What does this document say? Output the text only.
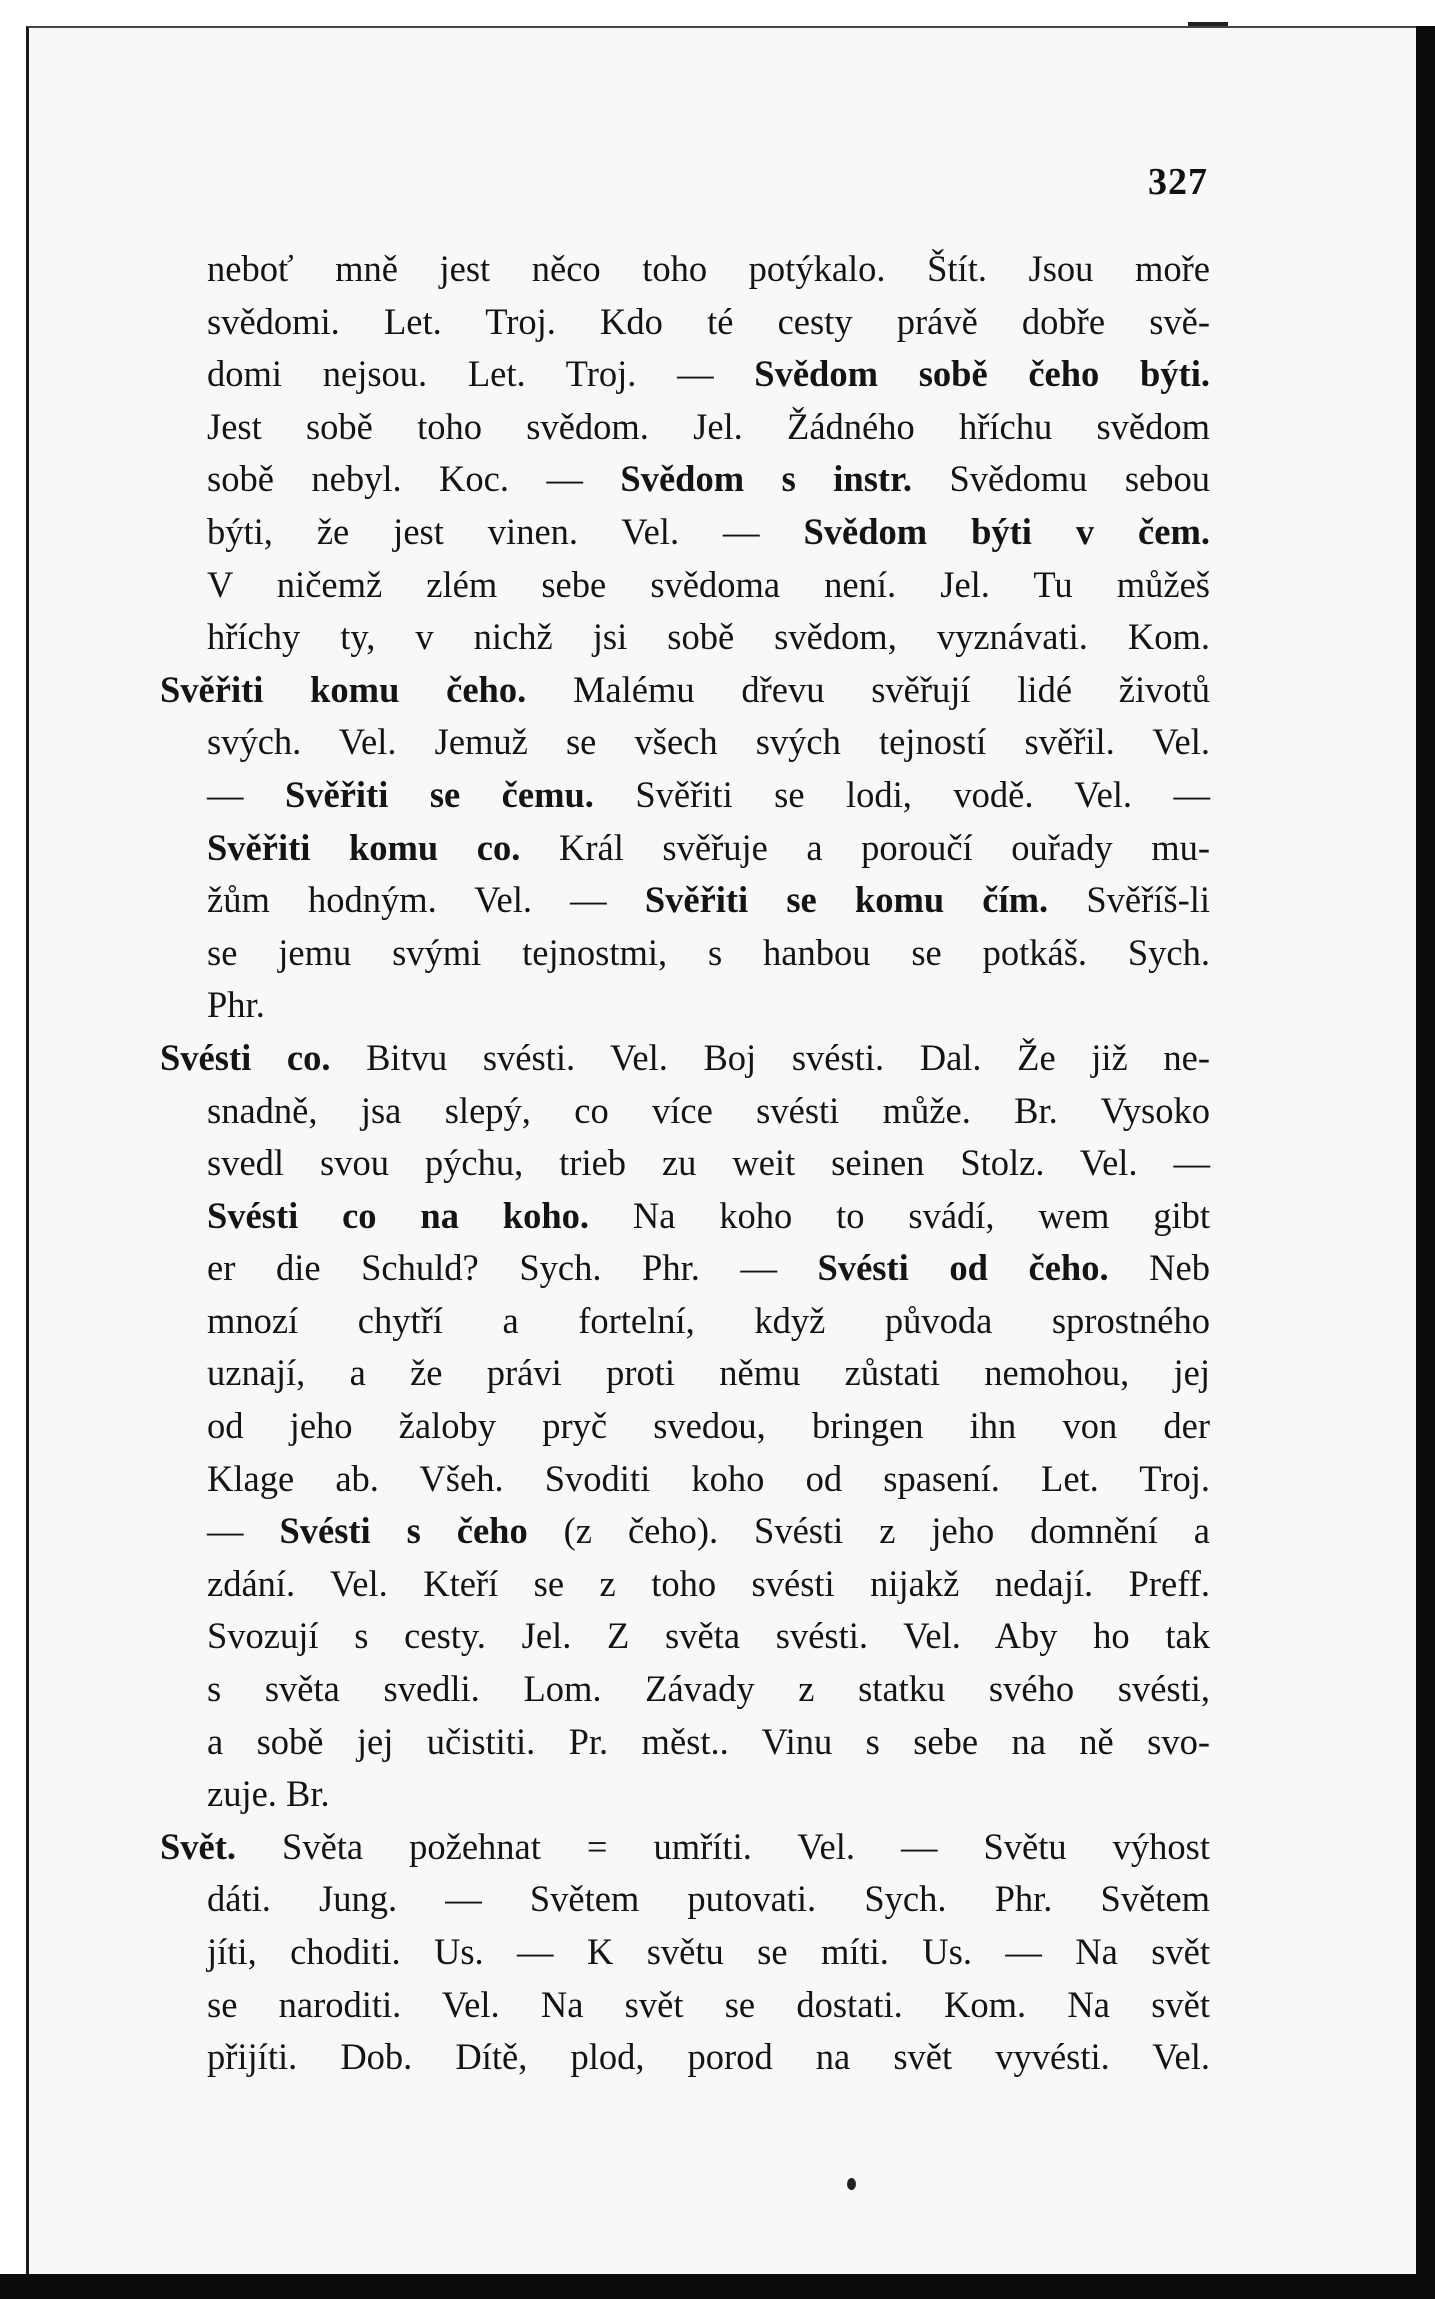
327
neboť mně jest něco toho potýkalo. Štít. Jsou moře
svědomi. Let. Troj. Kdo té cesty právě dobře svě-
domi nejsou. Let. Troj. — Svědom sobě čeho býti.
Jest sobě toho svědom. Jel. Žádného hříchu svědom
sobě nebyl. Koc. — Svědom s instr. Svědomu sebou
býti, že jest vinen. Vel. — Svědom býti v čem.
V ničemž zlém sebe svědoma není. Jel. Tu můžeš
hříchy ty, v nichž jsi sobě svědom, vyznávati. Kom.
Svěřiti komu čeho. Malému dřevu svěřují lidé životů
svých. Vel. Jemuž se všech svých tejností svěřil. Vel.
— Svěřiti se čemu. Svěřiti se lodi, vodě. Vel. —
Svěřiti komu co. Král svěřuje a poroučí ouřady mu-
žům hodným. Vel. — Svěřiti se komu čím. Svěříš-li
se jemu svými tejnostmi, s hanbou se potkáš. Sych.
Phr.
Svésti co. Bitvu svésti. Vel. Boj svésti. Dal. Že již ne-
snadně, jsa slepý, co více svésti může. Br. Vysoko
svedl svou pýchu, trieb zu weit seinen Stolz. Vel. —
Svésti co na koho. Na koho to svádí, wem gibt
er die Schuld? Sych. Phr. — Svésti od čeho. Neb
mnozí chytří a fortelní, když původa sprostného
uznají, a že právi proti němu zůstati nemohou, jej
od jeho žaloby pryč svedou, bringen ihn von der
Klage ab. Všeh. Svoditi koho od spasení. Let. Troj.
— Svésti s čeho (z čeho). Svésti z jeho domnění a
zdání. Vel. Kteří se z toho svésti nijakž nedají. Preff.
Svozují s cesty. Jel. Z světa svésti. Vel. Aby ho tak
s světa svedli. Lom. Závady z statku svého svésti,
a sobě jej učistiti. Pr. měst.. Vinu s sebe na ně svo-
zuje. Br.
Svět. Světa požehnat = umříti. Vel. — Světu výhost
dáti. Jung. — Světem putovati. Sych. Phr. Světem
jíti, choditi. Us. — K světu se míti. Us. — Na svět
se naroditi. Vel. Na svět se dostati. Kom. Na svět
přijíti. Dob. Dítě, plod, porod na svět vyvésti. Vel.
